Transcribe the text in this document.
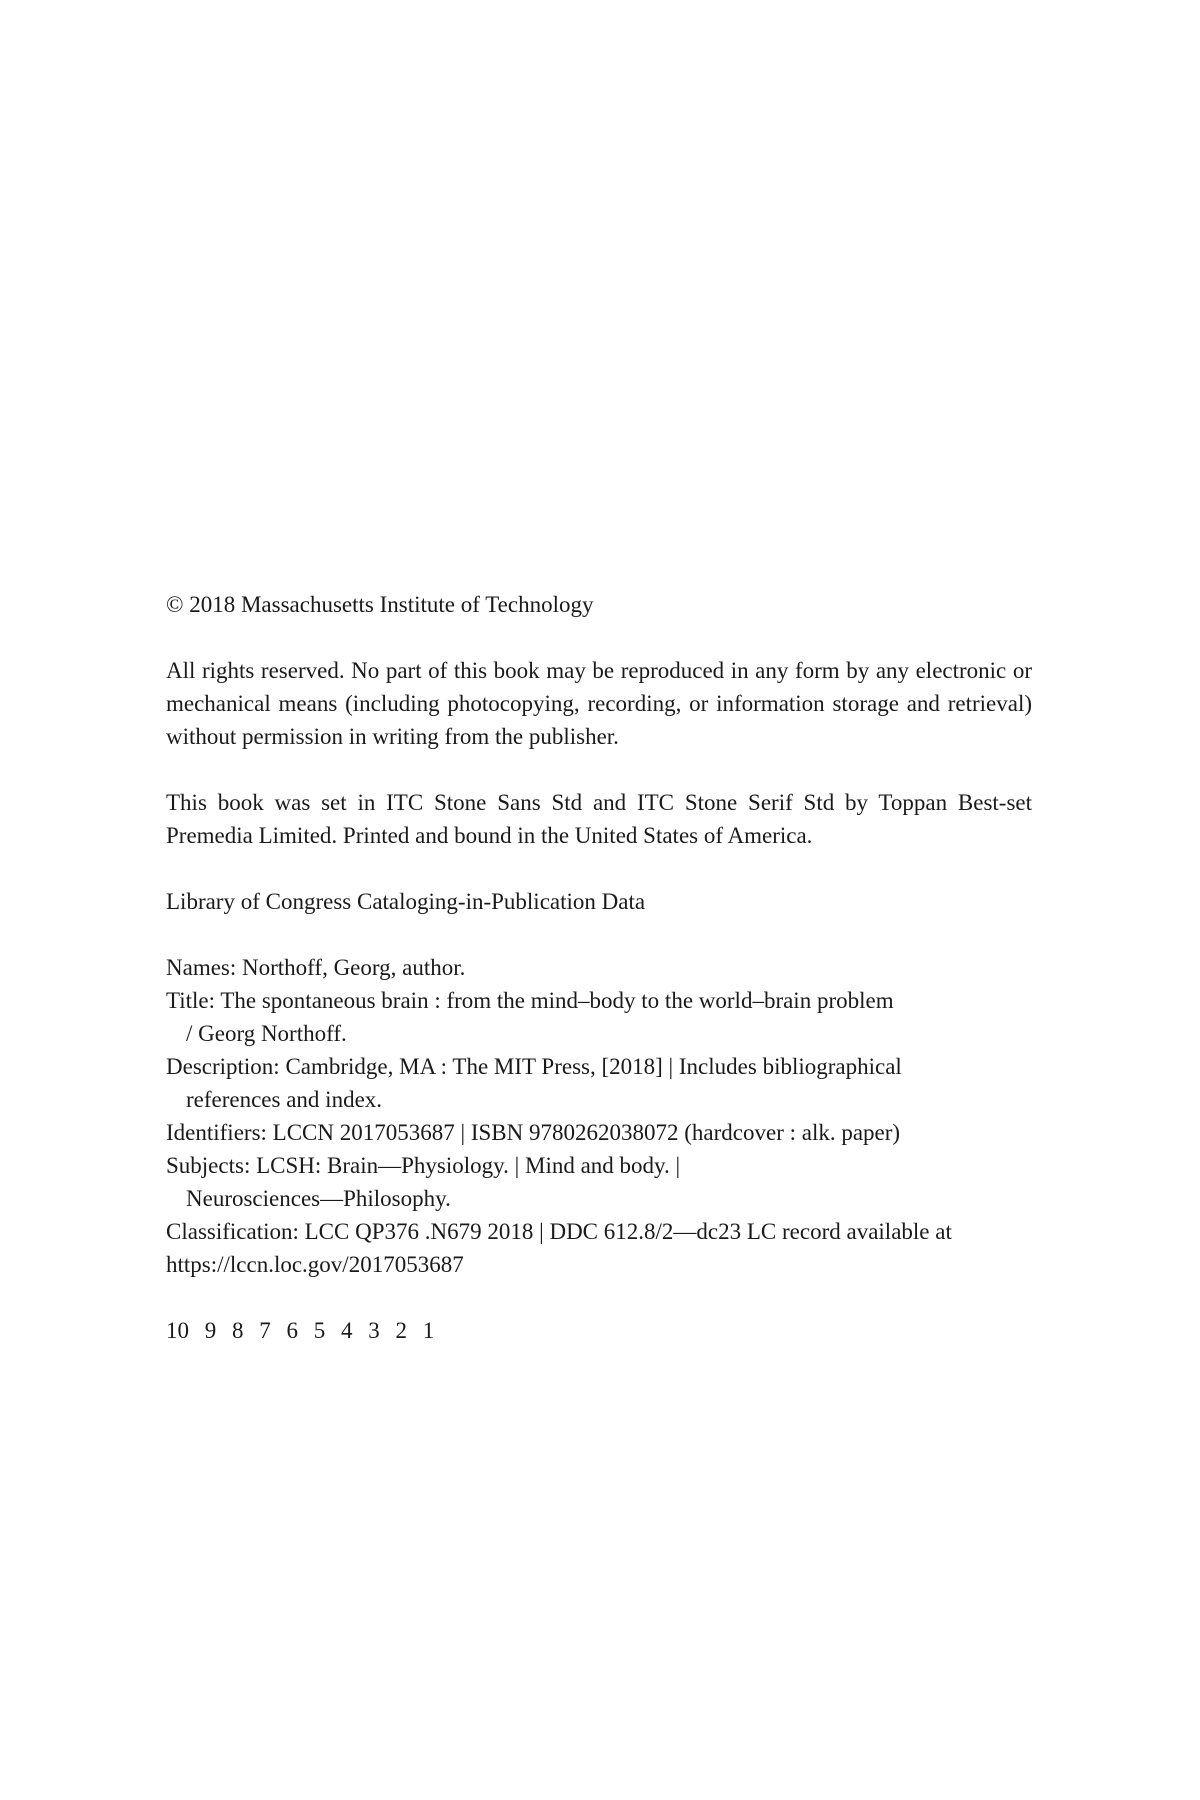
© 2018 Massachusetts Institute of Technology

All rights reserved. No part of this book may be reproduced in any form by any electronic or mechanical means (including photocopying, recording, or information storage and retrieval) without permission in writing from the publisher.

This book was set in ITC Stone Sans Std and ITC Stone Serif Std by Toppan Best-set Premedia Limited. Printed and bound in the United States of America.

Library of Congress Cataloging-in-Publication Data

Names: Northoff, Georg, author.

Title: The spontaneous brain : from the mind–body to the world–brain problem

/ Georg Northoff.

Description: Cambridge, MA : The MIT Press, [2018] | Includes bibliographical

references and index.

Identifiers: LCCN 2017053687 | ISBN 9780262038072 (hardcover : alk. paper)

Subjects: LCSH: Brain—Physiology. | Mind and body. |

Neurosciences—Philosophy.

Classification: LCC QP376 .N679 2018 | DDC 612.8/2—dc23 LC record available at

https://lccn.loc.gov/2017053687

10 9 8 7 6 5 4 3 2 1
